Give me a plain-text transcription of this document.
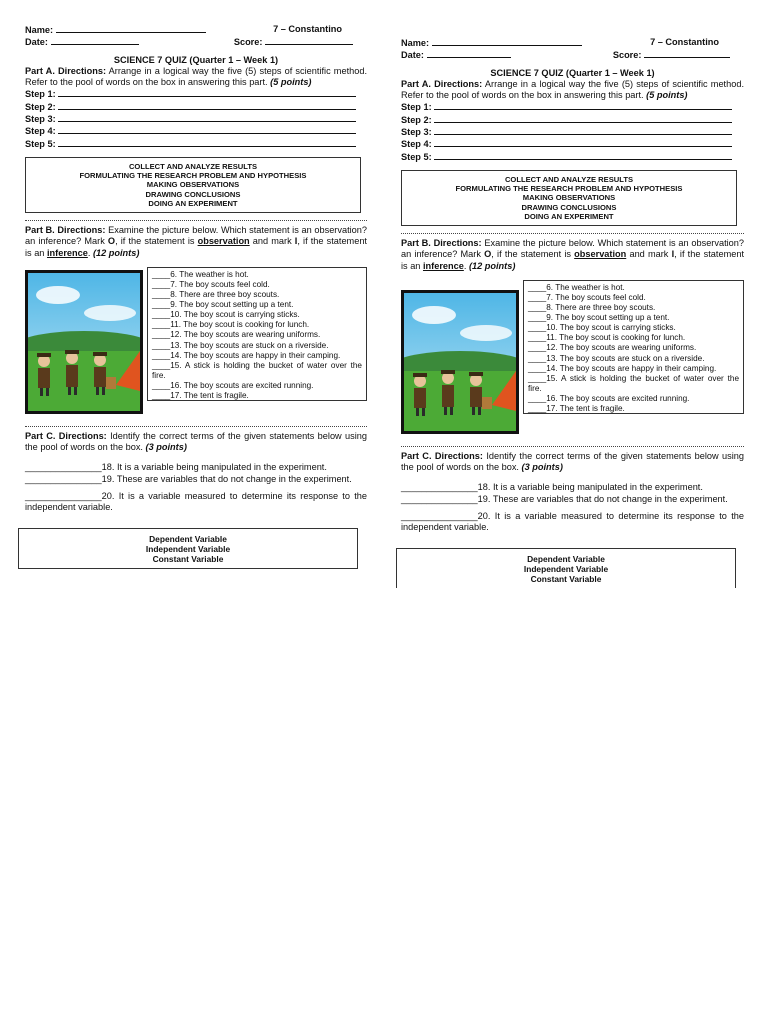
Name:	7 – Constantino
Date:	Score:
SCIENCE 7 QUIZ (Quarter 1 – Week 1)
Part A. Directions: Arrange in a logical way the five (5) steps of scientific method. Refer to the pool of words on the box in answering this part. (5 points)
Step 1:
Step 2:
Step 3:
Step 4:
Step 5:
COLLECT AND ANALYZE RESULTS
FORMULATING THE RESEARCH PROBLEM AND HYPOTHESIS
MAKING OBSERVATIONS
DRAWING CONCLUSIONS
DOING AN EXPERIMENT
Part B. Directions: Examine the picture below. Which statement is an observation? an inference? Mark O, if the statement is observation and mark I, if the statement is an inference. (12 points)
____6. The weather is hot.
____7. The boy scouts feel cold.
____8. There are three boy scouts.
____9. The boy scout setting up a tent.
____10. The boy scout is carrying sticks.
____11. The boy scout is cooking for lunch.
____12. The boy scouts are wearing uniforms.
____13. The boy scouts are stuck on a riverside.
____14. The boy scouts are happy in their camping.
____15. A stick is holding the bucket of water over the fire.
____16. The boy scouts are excited running.
____17. The tent is fragile.
Part C. Directions: Identify the correct terms of the given statements below using the pool of words on the box. (3 points)
_______________18. It is a variable being manipulated in the experiment.
_______________19. These are variables that do not change in the experiment.
_______________20. It is a variable measured to determine its response to the independent variable.
Dependent Variable
Independent Variable
Constant Variable
Name:	7 – Constantino
Date:	Score:
SCIENCE 7 QUIZ (Quarter 1 – Week 1)
Part A. Directions: Arrange in a logical way the five (5) steps of scientific method. Refer to the pool of words on the box in answering this part. (5 points)
Step 1:
Step 2:
Step 3:
Step 4:
Step 5:
COLLECT AND ANALYZE RESULTS
FORMULATING THE RESEARCH PROBLEM AND HYPOTHESIS
MAKING OBSERVATIONS
DRAWING CONCLUSIONS
DOING AN EXPERIMENT
Part B. Directions: Examine the picture below. Which statement is an observation? an inference? Mark O, if the statement is observation and mark I, if the statement is an inference. (12 points)
____6. The weather is hot.
____7. The boy scouts feel cold.
____8. There are three boy scouts.
____9. The boy scout setting up a tent.
____10. The boy scout is carrying sticks.
____11. The boy scout is cooking for lunch.
____12. The boy scouts are wearing uniforms.
____13. The boy scouts are stuck on a riverside.
____14. The boy scouts are happy in their camping.
____15. A stick is holding the bucket of water over the fire.
____16. The boy scouts are excited running.
____17. The tent is fragile.
Part C. Directions: Identify the correct terms of the given statements below using the pool of words on the box. (3 points)
_______________18. It is a variable being manipulated in the experiment.
_______________19. These are variables that do not change in the experiment.
_______________20. It is a variable measured to determine its response to the independent variable.
Dependent Variable
Independent Variable
Constant Variable
